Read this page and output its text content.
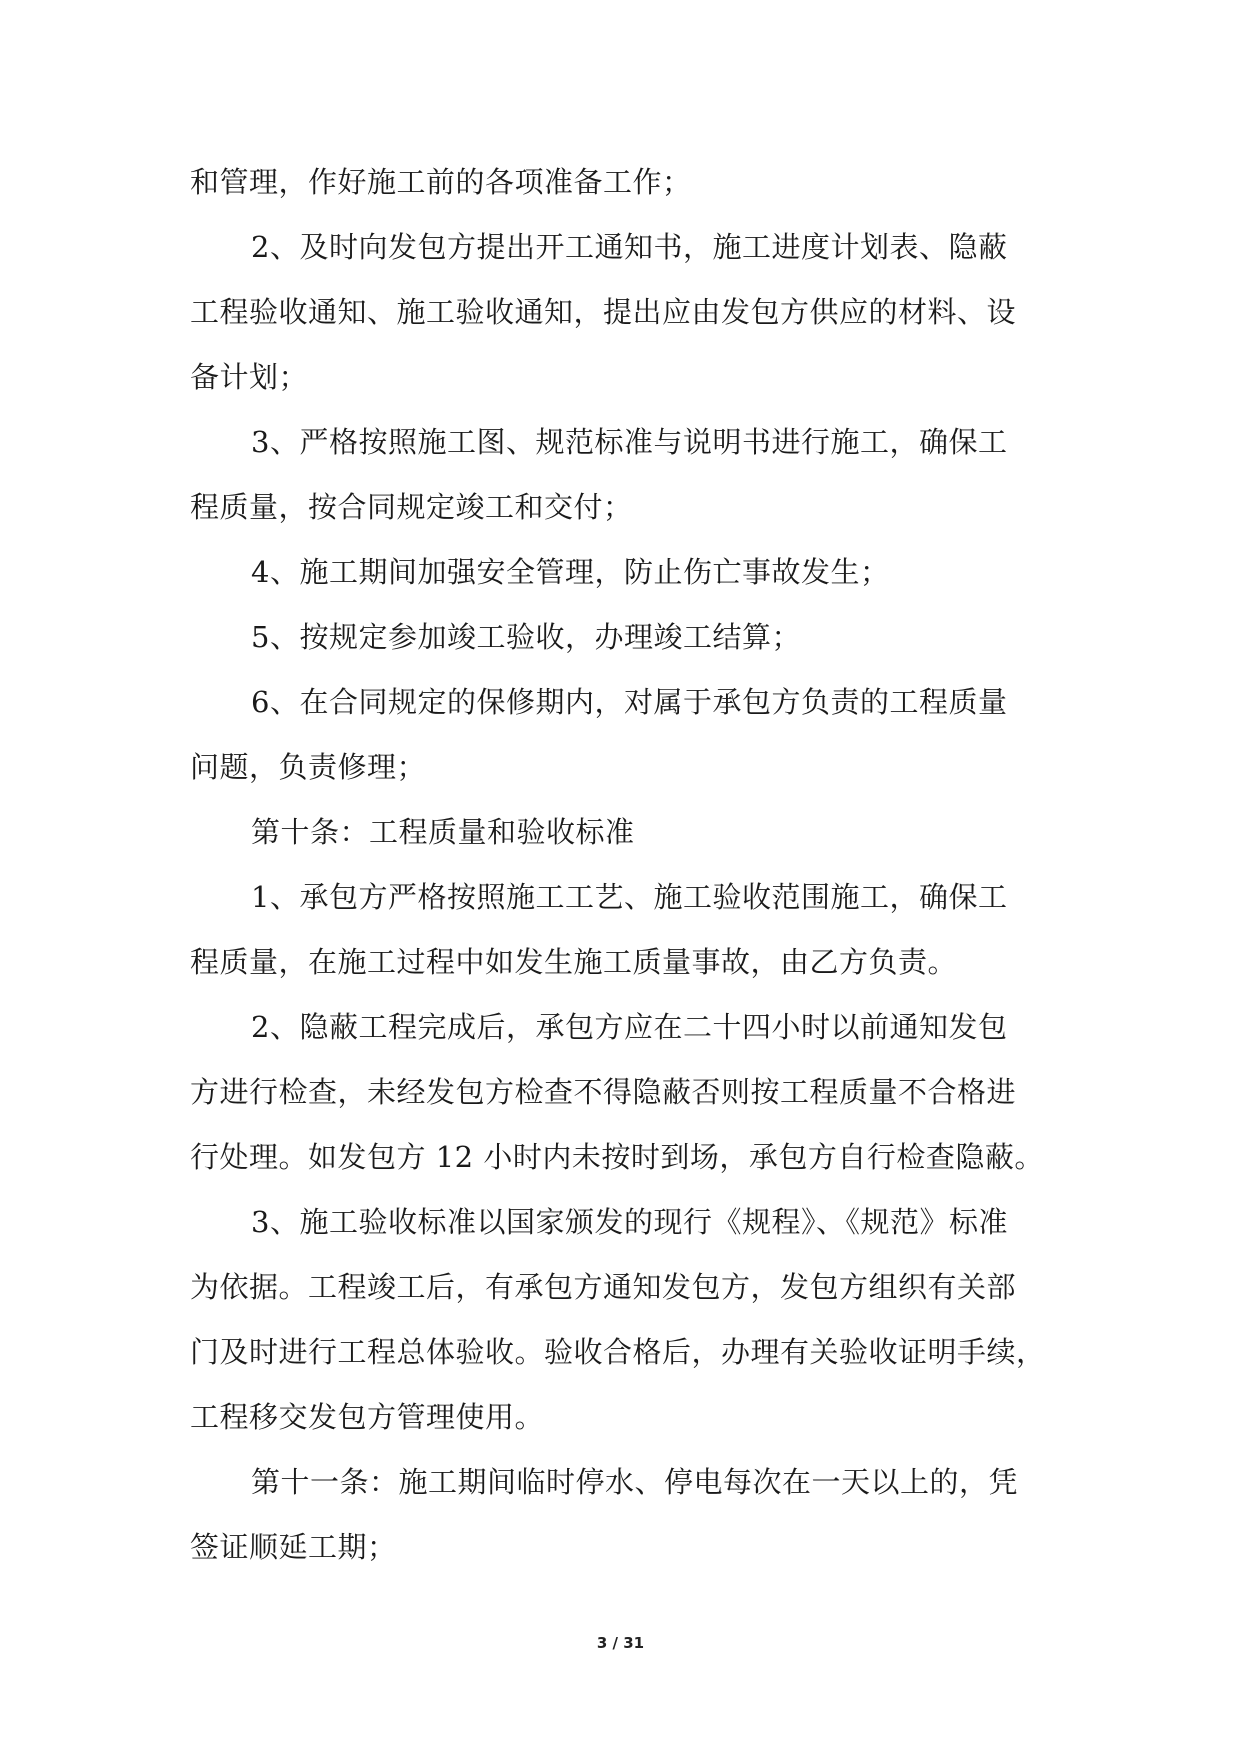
和管理，作好施工前的各项准备工作；
2、及时向发包方提出开工通知书，施工进度计划表、隐蔽
工程验收通知、施工验收通知，提出应由发包方供应的材料、设
备计划；
3、严格按照施工图、规范标准与说明书进行施工，确保工
程质量，按合同规定竣工和交付；
4、施工期间加强安全管理，防止伤亡事故发生；
5、按规定参加竣工验收，办理竣工结算；
6、在合同规定的保修期内，对属于承包方负责的工程质量
问题，负责修理；
第十条：工程质量和验收标准
1、承包方严格按照施工工艺、施工验收范围施工，确保工
程质量，在施工过程中如发生施工质量事故，由乙方负责。
2、隐蔽工程完成后，承包方应在二十四小时以前通知发包
方进行检查，未经发包方检查不得隐蔽否则按工程质量不合格进
行处理。如发包方 12 小时内未按时到场，承包方自行检查隐蔽。
3、施工验收标准以国家颁发的现行《规程》、《规范》标准
为依据。工程竣工后，有承包方通知发包方，发包方组织有关部
门及时进行工程总体验收。验收合格后，办理有关验收证明手续，
工程移交发包方管理使用。
第十一条：施工期间临时停水、停电每次在一天以上的，凭
签证顺延工期；
3 / 31
